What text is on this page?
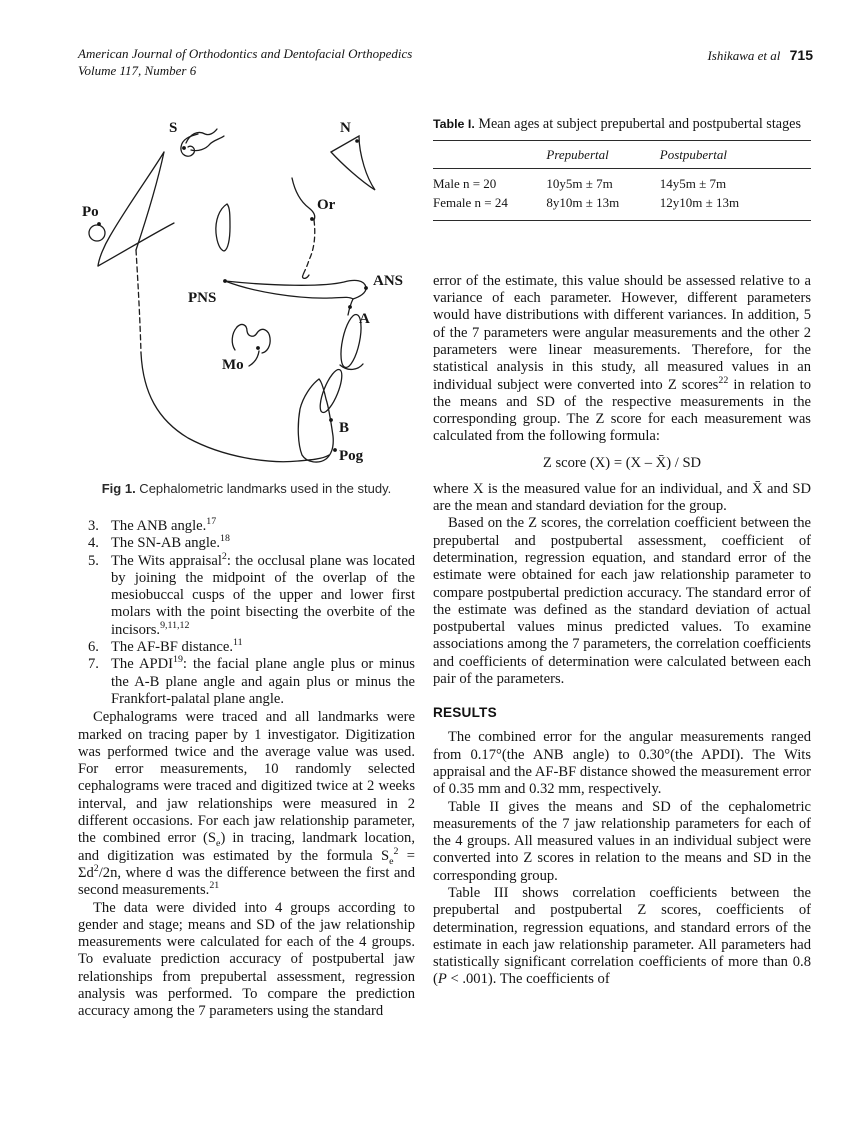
American Journal of Orthodontics and Dentofacial Orthopedics
Volume 117, Number 6
Ishikawa et al 715
S	N
Po	Or
PNS
ANS
A
Mo
B
Pog
Fig 1. Cephalometric landmarks used in the study.
3. The ANB angle.$^{17}$
4. The SN-AB angle.$^{18}$
5. The Wits appraisal$^2$: the occlusal plane was located by joining the midpoint of the overlap of the mesiobuccal cusps of the upper and lower first molars with the point bisecting the overbite of the incisors.$^{9,11,12}$
6. The AF-BF distance.$^{11}$
7. The APDI$^{19}$: the facial plane angle plus or minus the A-B plane angle and again plus or minus the Frankfort-palatal plane angle.

Cephalograms were traced and all landmarks were marked on tracing paper by 1 investigator. Digitization was performed twice and the average value was used. For error measurements, 10 randomly selected cephalograms were traced and digitized twice at 2 weeks interval, and jaw relationships were measured in 2 different occasions. For each jaw relationship parameter, the combined error $(S_e)$ in tracing, landmark location, and digitization was estimated by the formula $S_e^2 = \Sigma d^2/2n$, where d was the difference between the first and second measurements.$^{21}$

The data were divided into 4 groups according to gender and stage; means and SD of the jaw relationship measurements were calculated for each of the 4 groups. To evaluate prediction accuracy of postpubertal jaw relationships from prepubertal assessment, regression analysis was performed. To compare the prediction accuracy among the 7 parameters using the standard

Table I. Mean ages at subject prepubertal and postpubertal stages
	Prepubertal	Postpubertal
Male n = 20	10y5m ± 7m	14y5m ± 7m
Female n = 24	8y10m ± 13m	12y10m ± 13m

error of the estimate, this value should be assessed relative to a variance of each parameter. However, different parameters would have distributions with different variances. In addition, 5 of the 7 parameters were angular measurements and the other 2 parameters were linear measurements. Therefore, for the statistical analysis in this study, all measured values in an individual subject were converted into Z scores$^{22}$ in relation to the means and SD of the respective measurements in the corresponding group. The Z score for each measurement was calculated from the following formula:

Z score (X) = (X – X̄) / SD

where X is the measured value for an individual, and X̄ and SD are the mean and standard deviation for the group.

Based on the Z scores, the correlation coefficient between the prepubertal and postpubertal assessment, coefficient of determination, regression equation, and standard error of the estimate were obtained for each jaw relationship parameter to compare postpubertal prediction accuracy. The standard error of the estimate was defined as the standard deviation of actual postpubertal values minus predicted values. To examine associations among the 7 parameters, the correlation coefficients and coefficients of determination were calculated between each pair of the parameters.

RESULTS

The combined error for the angular measurements ranged from 0.17°(the ANB angle) to 0.30°(the APDI). The Wits appraisal and the AF-BF distance showed the measurement error of 0.35 mm and 0.32 mm, respectively.

Table II gives the means and SD of the cephalometric measurements of the 7 jaw relationship parameters for each of the 4 groups. All measured values in an individual subject were converted into Z scores in relation to the means and SD in the corresponding group.

Table III shows correlation coefficients between the prepubertal and postpubertal Z scores, coefficients of determination, regression equations, and standard errors of the estimate in each jaw relationship parameter. All parameters had statistically significant correlation coefficients of more than 0.8 (P < .001). The coefficients of
